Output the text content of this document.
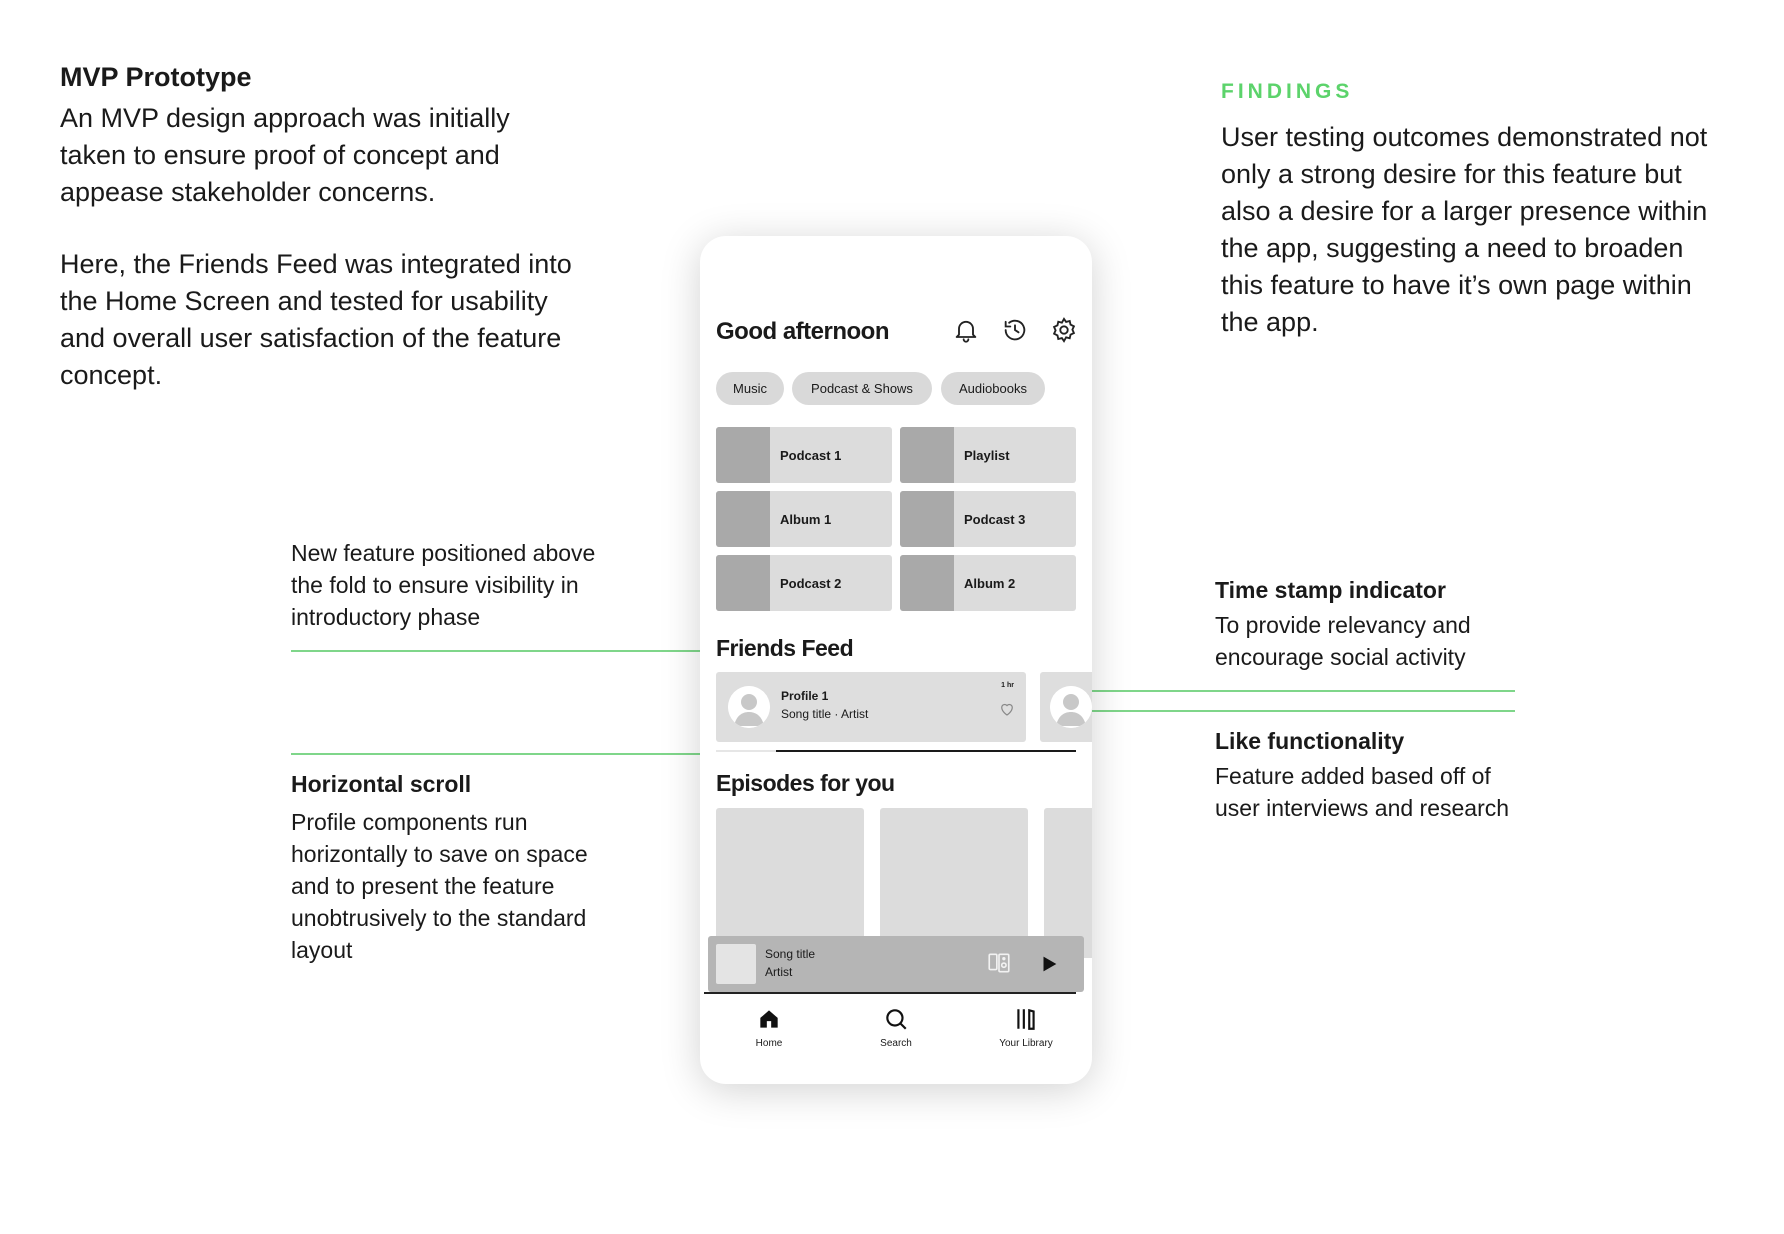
MVP Prototype
An MVP design approach was initially taken to ensure proof of concept and appease stakeholder concerns.
Here, the Friends Feed was integrated into the Home Screen and tested for usability and overall user satisfaction of the feature concept.
FINDINGS
User testing outcomes demonstrated not only a strong desire for this feature but also a desire for a larger presence within the app, suggesting a need to broaden this feature to have it’s own page within the app.
New feature positioned above the fold to ensure visibility in introductory phase
Horizontal scroll
Profile components run horizontally to save on space and to present the feature unobtrusively to the standard layout
Time stamp indicator
To provide relevancy and encourage social activity
Like functionality
Feature added based off of user interviews and research
Good afternoon
Music	Podcast & Shows	Audiobooks
Podcast 1	Playlist
Album 1	Podcast 3
Podcast 2	Album 2
Friends Feed
Profile 1
Song title · Artist
1 hr
Episodes for you
Song title
Artist
Home	Search	Your Library
